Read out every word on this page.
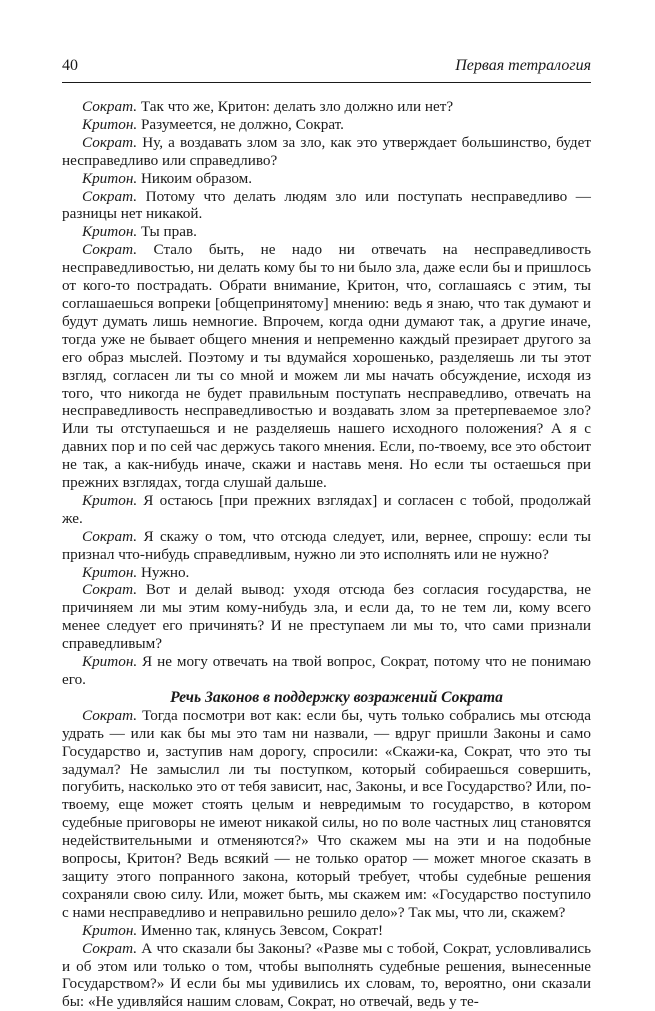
40	Первая тетралогия

Сократ. Так что же, Критон: делать зло должно или нет?

Критон. Разумеется, не должно, Сократ.

Сократ. Ну, а воздавать злом за зло, как это утверждает большинство, будет несправедливо или справедливо?

Критон. Никоим образом.

Сократ. Потому что делать людям зло или поступать несправедливо — разницы нет никакой.

Критон. Ты прав.

Сократ. Стало быть, не надо ни отвечать на несправедливость несправедливостью, ни делать кому бы то ни было зла, даже если бы и пришлось от кого-то пострадать. Обрати внимание, Критон, что, соглашаясь с этим, ты соглашаешься вопреки [общепринятому] мнению: ведь я знаю, что так думают и будут думать лишь немногие. Впрочем, когда одни думают так, а другие иначе, тогда уже не бывает общего мнения и непременно каждый презирает другого за его образ мыслей. Поэтому и ты вдумайся хорошенько, разделяешь ли ты этот взгляд, согласен ли ты со мной и можем ли мы начать обсуждение, исходя из того, что никогда не будет правильным поступать несправедливо, отвечать на несправедливость несправедливостью и воздавать злом за претерпеваемое зло? Или ты отступаешься и не разделяешь нашего исходного положения? А я с давних пор и по сей час держусь такого мнения. Если, по-твоему, все это обстоит не так, а как-нибудь иначе, скажи и наставь меня. Но если ты остаешься при прежних взглядах, тогда слушай дальше.

Критон. Я остаюсь [при прежних взглядах] и согласен с тобой, продолжай же.

Сократ. Я скажу о том, что отсюда следует, или, вернее, спрошу: если ты признал что-нибудь справедливым, нужно ли это исполнять или не нужно?

Критон. Нужно.

Сократ. Вот и делай вывод: уходя отсюда без согласия государства, не причиняем ли мы этим кому-нибудь зла, и если да, то не тем ли, кому всего менее следует его причинять? И не преступаем ли мы то, что сами признали справедливым?

Критон. Я не могу отвечать на твой вопрос, Сократ, потому что не понимаю его.

Речь Законов в поддержку возражений Сократа

Сократ. Тогда посмотри вот как: если бы, чуть только собрались мы отсюда удрать — или как бы мы это там ни назвали, — вдруг пришли Законы и само Государство и, заступив нам дорогу, спросили: «Скажи-ка, Сократ, что это ты задумал? Не замыслил ли ты поступком, который собираешься совершить, погубить, насколько это от тебя зависит, нас, Законы, и все Государство? Или, по-твоему, еще может стоять целым и невредимым то государство, в котором судебные приговоры не имеют никакой силы, но по воле частных лиц становятся недействительными и отменяются?» Что скажем мы на эти и на подобные вопросы, Критон? Ведь всякий — не только оратор — может многое сказать в защиту этого попранного закона, который требует, чтобы судебные решения сохраняли свою силу. Или, может быть, мы скажем им: «Государство поступило с нами несправедливо и неправильно решило дело»? Так мы, что ли, скажем?

Критон. Именно так, клянусь Зевсом, Сократ!

Сократ. А что сказали бы Законы? «Разве мы с тобой, Сократ, условливались и об этом или только о том, чтобы выполнять судебные решения, вынесенные Государством?» И если бы мы удивились их словам, то, вероятно, они сказали бы: «Не удивляйся нашим словам, Сократ, но отвечай, ведь у те-
